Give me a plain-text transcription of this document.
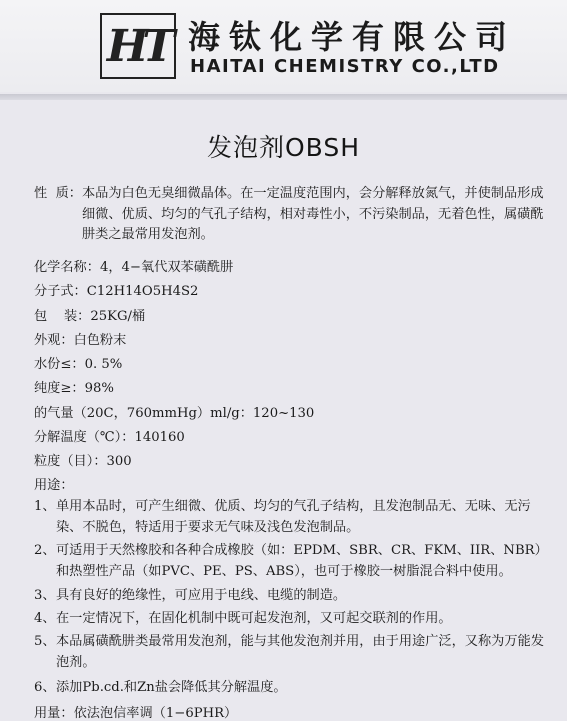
HT 海钛化学有限公司
HAITAI CHEMISTRY CO.,LTD
发泡剂OBSH
性  质： 本品为白色无臭细微晶体。在一定温度范围内，会分解释放氮气，并使制品形成细微、优质、均匀的气孔子结构，相对毒性小，不污染制品，无着色性，属磺酰肼类之最常用发泡剂。
化学名称：4，4−氧代双苯磺酰肼
分子式：C12H14O5H4S2
包    装：25KG/桶
外观：白色粉末
水份≤：0. 5%
纯度≥：98%
的气量（20C，760mmHg）ml/g：120~130
分解温度（℃）：140160
粒度（目）：300
用途：
1、 单用本品时，可产生细微、优质、均匀的气孔子结构，且发泡制品无、无味、无污染、不脱色，特适用于要求无气味及浅色发泡制品。
2、 可适用于天然橡胶和各种合成橡胶（如：EPDM、SBR、CR、FKM、IIR、NBR）和热塑性产品（如PVC、PE、PS、ABS），也可于橡胶一树脂混合料中使用。
3、 具有良好的绝缘性，可应用于电线、电缆的制造。
4、 在一定情况下，在固化机制中既可起发泡剂，又可起交联剂的作用。
5、 本品属磺酰肼类最常用发泡剂，能与其他发泡剂并用，由于用途广泛，又称为万能发泡剂。
6、 添加Pb.cd.和Zn盐会降低其分解温度。
用量：依法泡信率调（1−6PHR）
